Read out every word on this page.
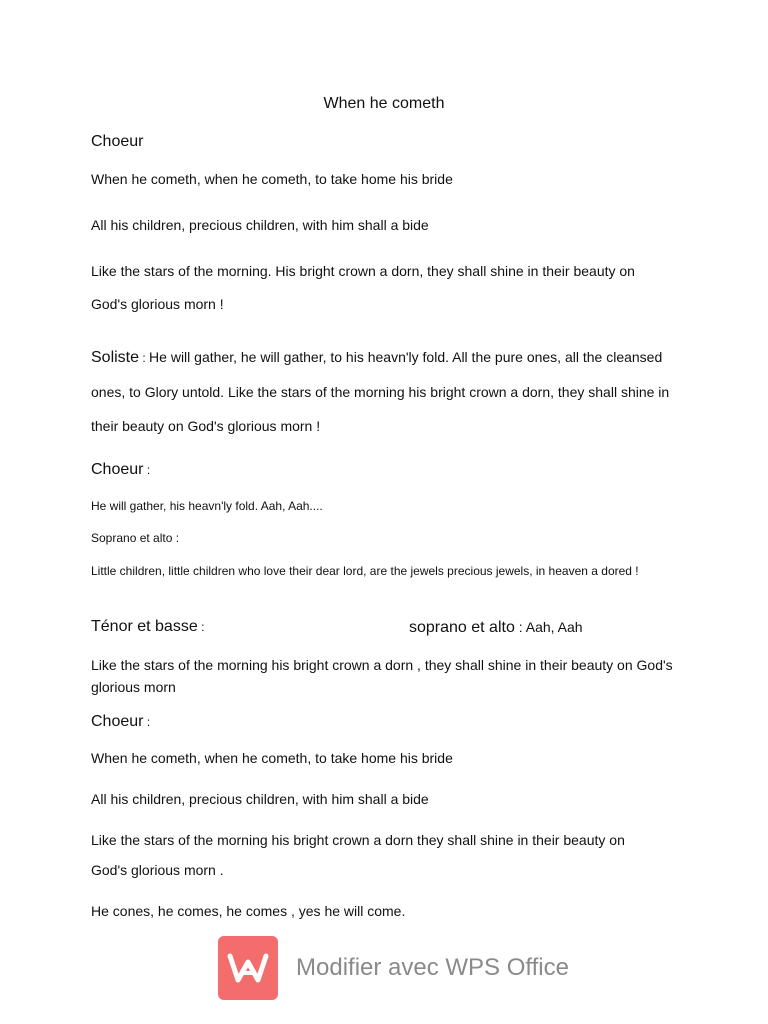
When he cometh
Choeur
When he cometh, when he cometh, to take home his bride
All his children, precious children, with him shall a bide
Like the stars of the morning. His bright crown a dorn, they shall shine in their beauty on
God's glorious morn !
Soliste : He will gather, he will gather, to his heavn'ly fold. All the pure ones, all the cleansed ones, to Glory untold. Like the stars of the morning his bright crown a dorn, they shall shine in their beauty on God's glorious morn !
Choeur :
He will gather, his heavn'ly fold. Aah, Aah....
Soprano et alto :
Little children, little children who love their dear lord, are the jewels precious jewels, in heaven a dored !
Ténor et basse :	soprano et alto : Aah, Aah
Like the stars of the morning his bright crown a dorn , they shall shine in their beauty on God's glorious morn
Choeur :
When he cometh, when he cometh, to take home his bride
All his children, precious children, with him shall a bide
Like the stars of the morning his bright crown a dorn they shall shine in their beauty on
God's glorious morn .
He cones, he comes, he comes , yes he will come.
Modifier avec WPS Office
